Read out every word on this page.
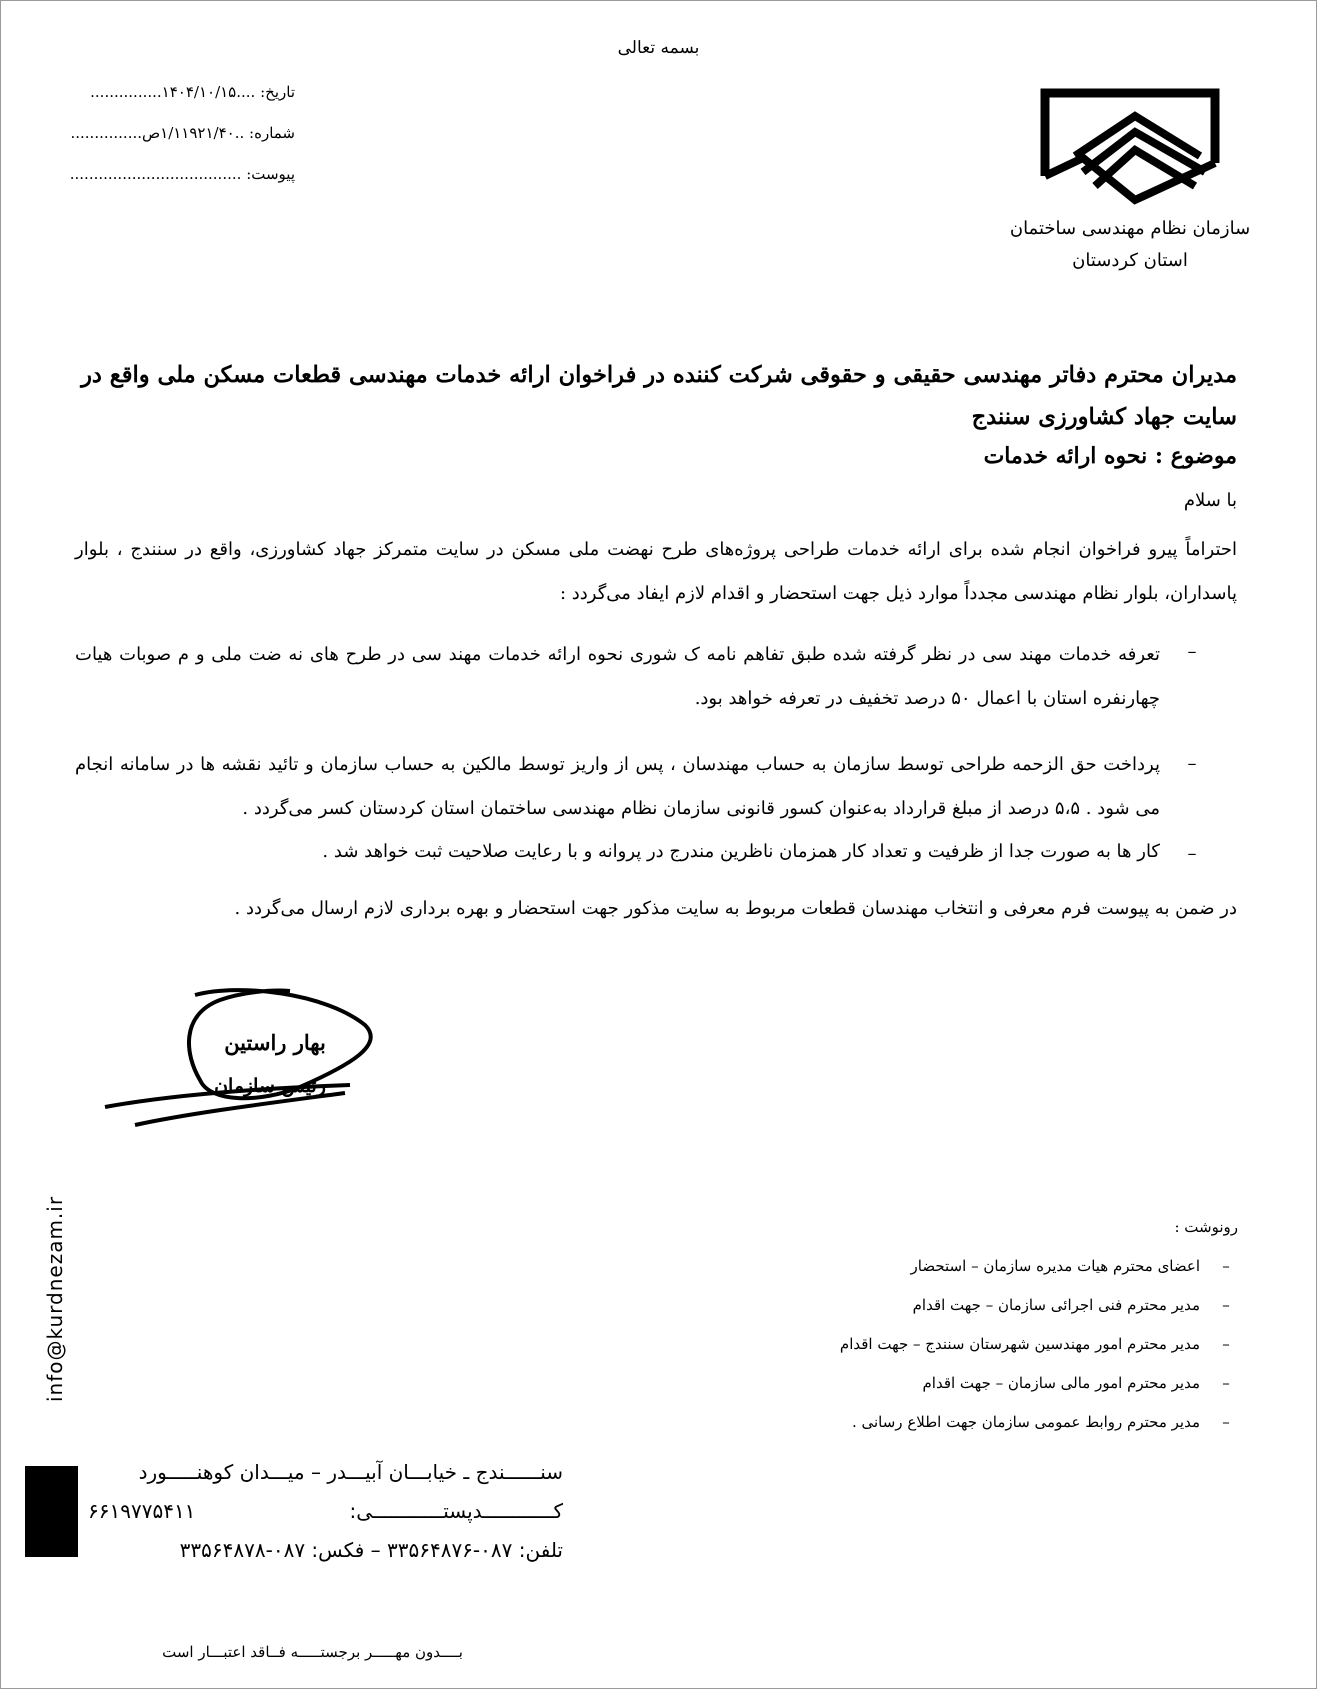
بسمه تعالی
تاریخ: ....۱۴۰۴/۱۰/۱۵...............
شماره: ..۱/۱۱۹۲۱/۴۰ص...............
پیوست: ....................................
سازمان نظام مهندسی ساختمان
استان کردستان
مدیران محترم دفاتر مهندسی حقیقی و حقوقی شرکت کننده در فراخوان ارائه خدمات مهندسی قطعات مسکن ملی واقع در سایت جهاد کشاورزی سنندج
موضوع : نحوه ارائه خدمات
با سلام
احتراماً پیرو فراخوان انجام شده برای ارائه خدمات طراحی پروژه‌های طرح نهضت ملی مسکن در سایت متمرکز جهاد کشاورزی، واقع در سنندج ، بلوار پاسداران، بلوار نظام مهندسی مجدداً موارد ذیل جهت استحضار و اقدام لازم ایفاد می‌گردد :
–
تعرفه خدمات مهند سی در نظر گرفته شده طبق تفاهم نامه ک شوری نحوه ارائه خدمات مهند سی در طرح های نه ضت ملی و م صوبات هیات چهارنفره استان با اعمال ۵۰ درصد تخفیف در تعرفه خواهد بود.
–
پرداخت حق الزحمه طراحی توسط سازمان به حساب مهندسان ، پس از واریز توسط مالکین به حساب سازمان و تائید نقشه ها در سامانه انجام می شود . ۵،۵ درصد از مبلغ قرارداد به‌عنوان کسور قانونی سازمان نظام مهندسی ساختمان استان کردستان کسر می‌گردد .
–
کار ها به صورت جدا از ظرفیت و تعداد کار همزمان ناظرین مندرج در پروانه و با رعایت صلاحیت ثبت خواهد شد .
در ضمن به پیوست فرم معرفی و انتخاب مهندسان قطعات مربوط به سایت مذکور جهت استحضار و بهره برداری لازم ارسال می‌گردد .
بهار راستین
رئیس سازمان
info@kurdnezam.ir	رونوشت :
–
اعضای محترم هیات مدیره سازمان – استحضار
–
مدیر محترم فنی اجرائی سازمان – جهت اقدام
–
مدیر محترم امور مهندسین شهرستان سنندج – جهت اقدام
–
مدیر محترم امور مالی سازمان – جهت اقدام
–
مدیر محترم روابط عمومی سازمان جهت اطلاع رسانی .
سنــــــندج ـ خیابـــان آبیـــدر – میـــدان کوهنـــــورد
کــــــــــــدپستــــــــــــی:
۶۶۱۹۷۷۵۴۱۱
تلفن: ۰۸۷-۳۳۵۶۴۸۷۶ – فکس: ۰۸۷-۳۳۵۶۴۸۷۸
بــــدون مهـــــر برجستـــــه فــاقد اعتبـــار است
